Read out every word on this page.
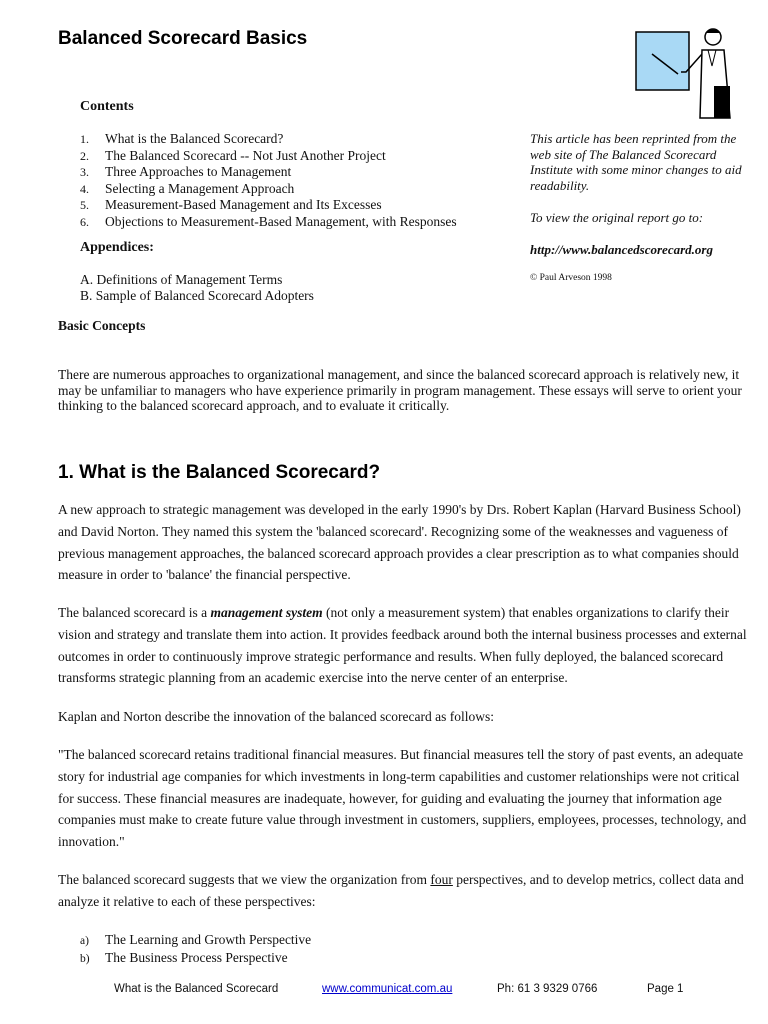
Balanced Scorecard Basics
Contents
1. What is the Balanced Scorecard?
2. The Balanced Scorecard -- Not Just Another Project
3. Three Approaches to Management
4. Selecting a Management Approach
5. Measurement-Based Management and Its Excesses
6. Objections to Measurement-Based Management, with Responses
Appendices:
A. Definitions of Management Terms
B. Sample of Balanced Scorecard Adopters
This article has been reprinted from the web site of The Balanced Scorecard Institute with some minor changes to aid readability.
To view the original report go to:
http://www.balancedscorecard.org
© Paul Arveson 1998
Basic Concepts
There are numerous approaches to organizational management, and since the balanced scorecard approach is relatively new, it may be unfamiliar to managers who have experience primarily in program management. These essays will serve to orient your thinking to the balanced scorecard approach, and to evaluate it critically.
1. What is the Balanced Scorecard?
A new approach to strategic management was developed in the early 1990's by Drs. Robert Kaplan (Harvard Business School) and David Norton. They named this system the 'balanced scorecard'. Recognizing some of the weaknesses and vagueness of previous management approaches, the balanced scorecard approach provides a clear prescription as to what companies should measure in order to 'balance' the financial perspective.
The balanced scorecard is a management system (not only a measurement system) that enables organizations to clarify their vision and strategy and translate them into action. It provides feedback around both the internal business processes and external outcomes in order to continuously improve strategic performance and results. When fully deployed, the balanced scorecard transforms strategic planning from an academic exercise into the nerve center of an enterprise.
Kaplan and Norton describe the innovation of the balanced scorecard as follows:
"The balanced scorecard retains traditional financial measures. But financial measures tell the story of past events, an adequate story for industrial age companies for which investments in long-term capabilities and customer relationships were not critical for success. These financial measures are inadequate, however, for guiding and evaluating the journey that information age companies must make to create future value through investment in customers, suppliers, employees, processes, technology, and innovation."
The balanced scorecard suggests that we view the organization from four perspectives, and to develop metrics, collect data and analyze it relative to each of these perspectives:
a) The Learning and Growth Perspective
b) The Business Process Perspective
What is the Balanced Scorecard	www.communicat.com.au	Ph: 61 3 9329 0766	Page 1
